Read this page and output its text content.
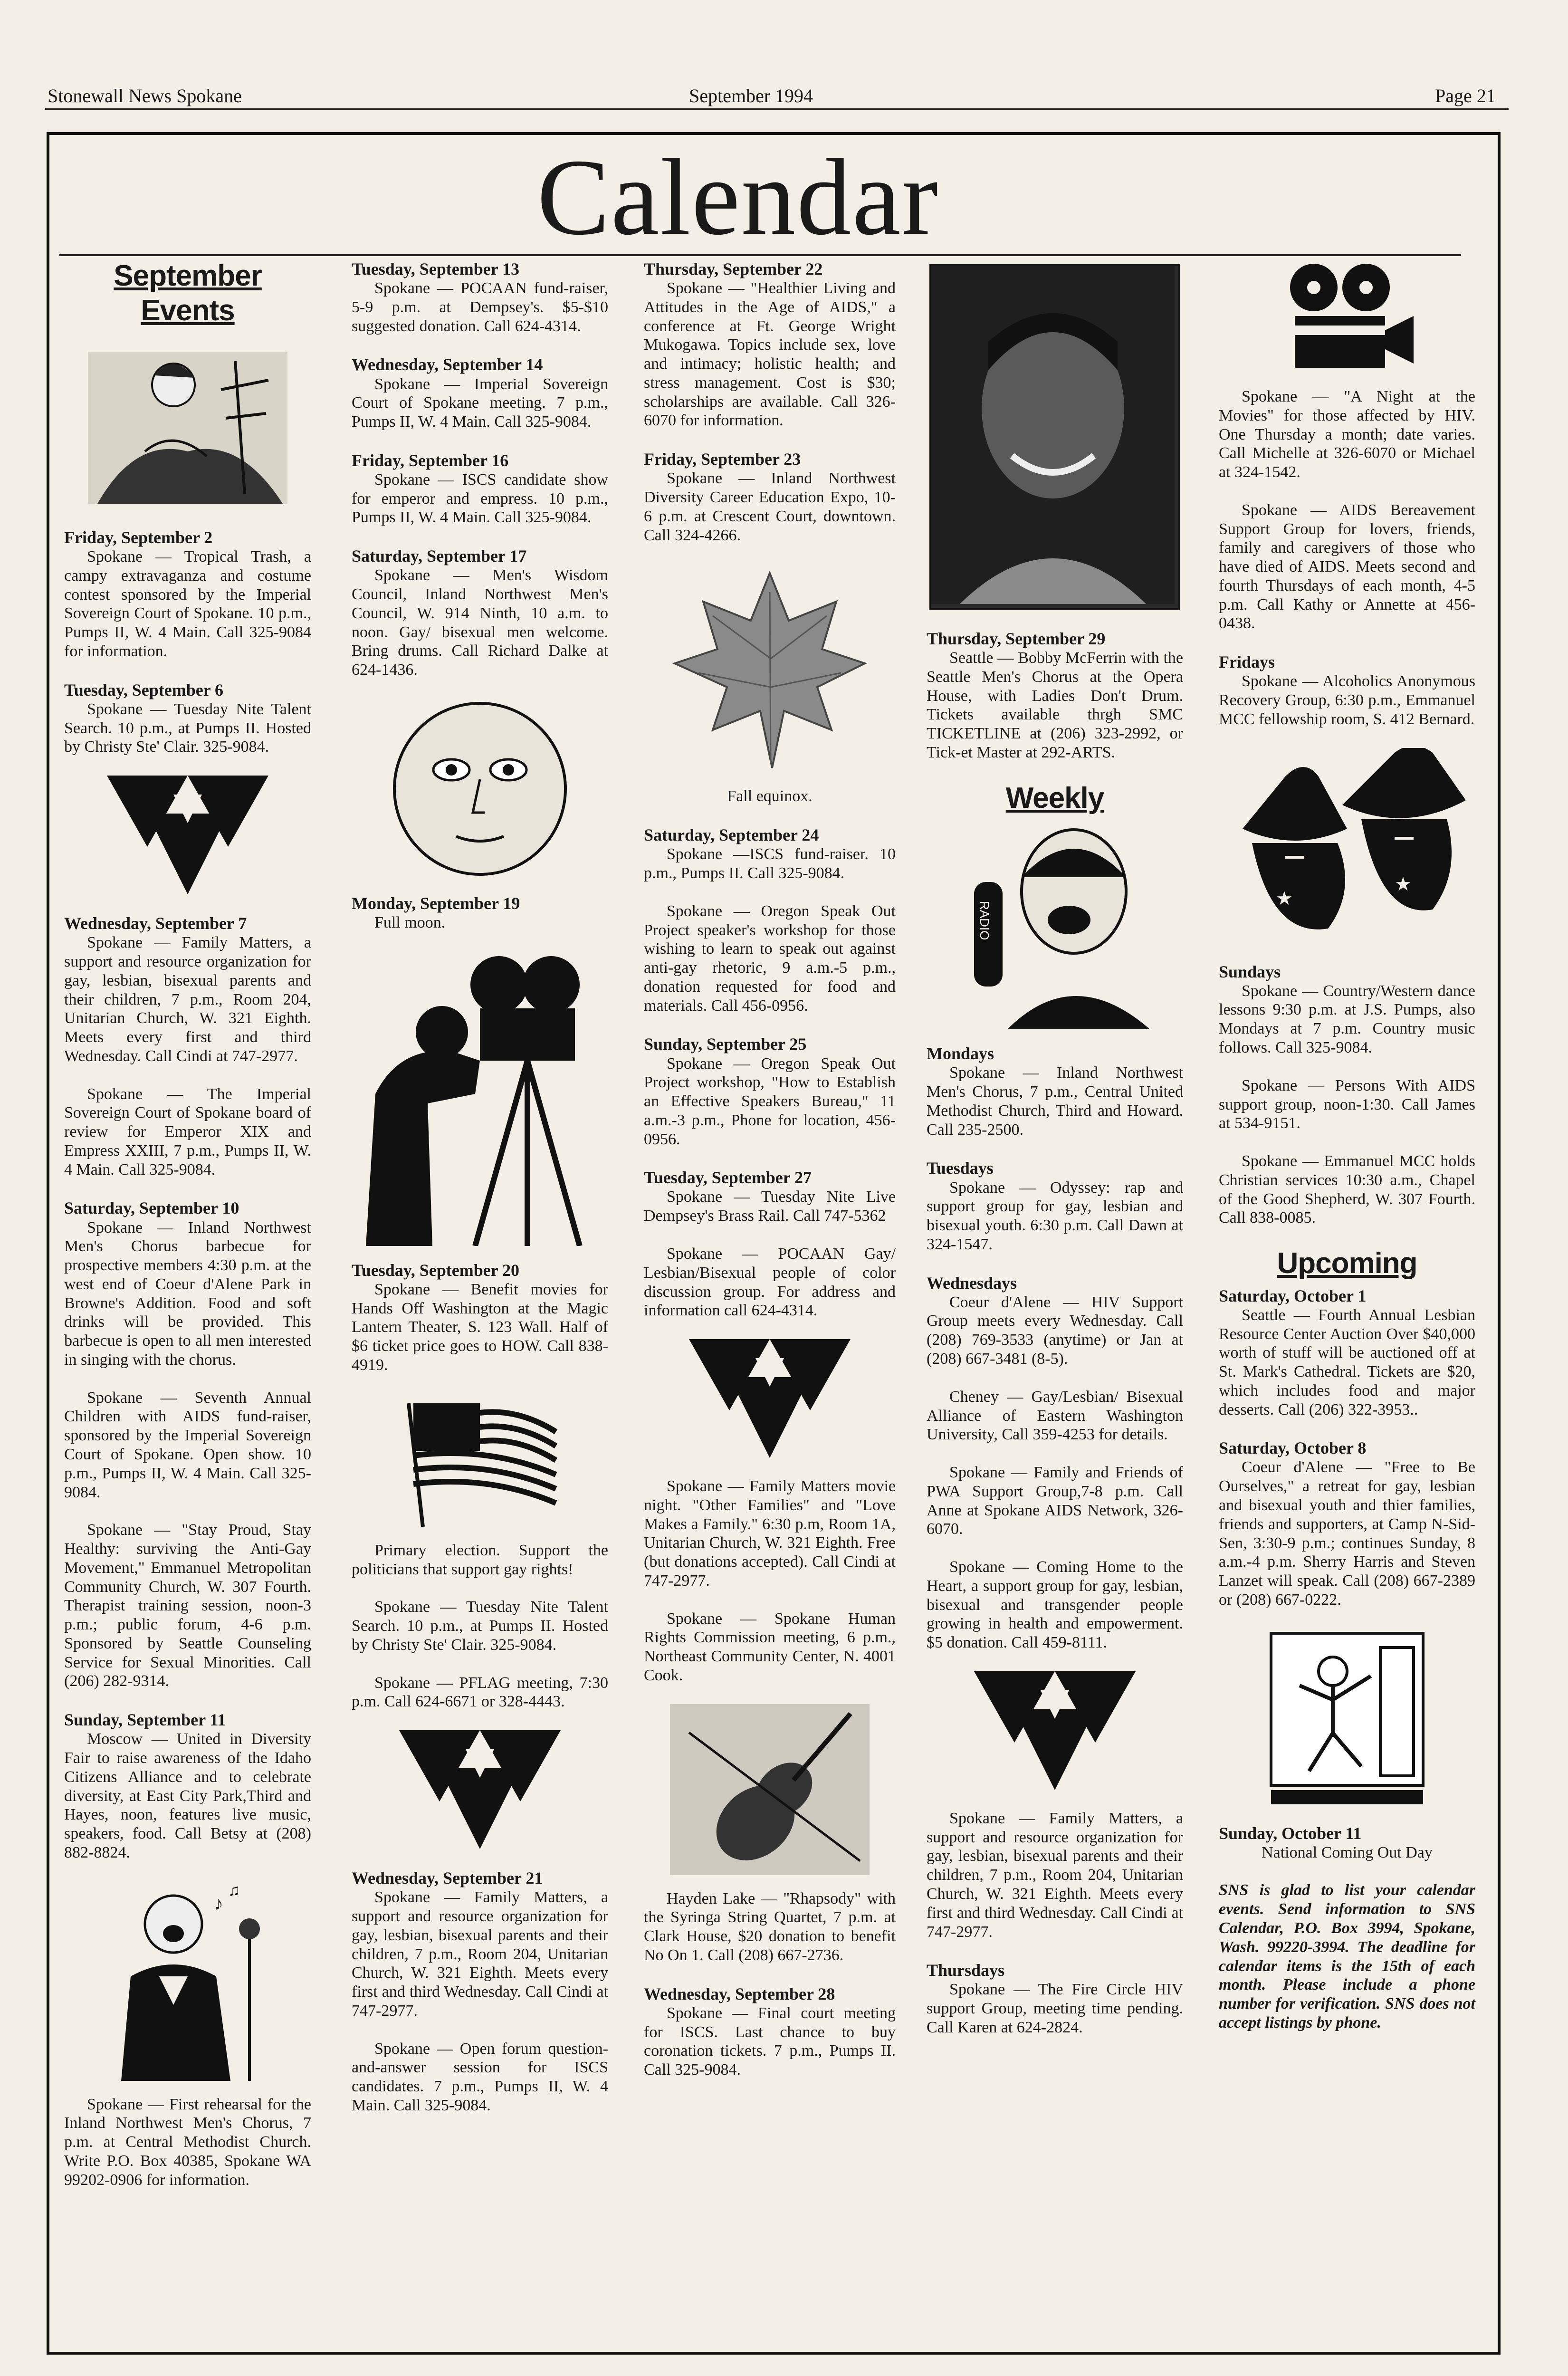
Stonewall News Spokane	September 1994	Page 21
Calendar
September Events
Friday, September 2
Spokane — Tropical Trash, a campy extravaganza and costume contest sponsored by the Imperial Sovereign Court of Spokane. 10 p.m., Pumps II, W. 4 Main. Call 325-9084 for information.
Tuesday, September 6
Spokane — Tuesday Nite Talent Search. 10 p.m., at Pumps II. Hosted by Christy Ste' Clair. 325-9084.
Wednesday, September 7
Spokane — Family Matters, a support and resource organization for gay, lesbian, bisexual parents and their children, 7 p.m., Room 204, Unitarian Church, W. 321 Eighth. Meets every first and third Wednesday. Call Cindi at 747-2977.
Spokane — The Imperial Sovereign Court of Spokane board of review for Emperor XIX and Empress XXIII, 7 p.m., Pumps II, W. 4 Main. Call 325-9084.
Saturday, September 10
Spokane — Inland Northwest Men's Chorus barbecue for prospective members 4:30 p.m. at the west end of Coeur d'Alene Park in Browne's Addition. Food and soft drinks will be provided. This barbecue is open to all men interested in singing with the chorus.
Spokane — Seventh Annual Children with AIDS fund-raiser, sponsored by the Imperial Sovereign Court of Spokane. Open show. 10 p.m., Pumps II, W. 4 Main. Call 325-9084.
Spokane — "Stay Proud, Stay Healthy: surviving the Anti-Gay Movement," Emmanuel Metropolitan Community Church, W. 307 Fourth. Therapist training session, noon-3 p.m.; public forum, 4-6 p.m. Sponsored by Seattle Counseling Service for Sexual Minorities. Call (206) 282-9314.
Sunday, September 11
Moscow — United in Diversity Fair to raise awareness of the Idaho Citizens Alliance and to celebrate diversity, at East City Park,Third and Hayes, noon, features live music, speakers, food. Call Betsy at (208) 882-8824.
♪
♫
Spokane — First rehearsal for the Inland Northwest Men's Chorus, 7 p.m. at Central Methodist Church. Write P.O. Box 40385, Spokane WA 99202-0906 for information.
Tuesday, September 13
Spokane — POCAAN fund-raiser, 5-9 p.m. at Dempsey's. $5-$10 suggested donation. Call 624-4314.
Wednesday, September 14
Spokane — Imperial Sovereign Court of Spokane meeting. 7 p.m., Pumps II, W. 4 Main. Call 325-9084.
Friday, September 16
Spokane — ISCS candidate show for emperor and empress. 10 p.m., Pumps II, W. 4 Main. Call 325-9084.
Saturday, September 17
Spokane — Men's Wisdom Council, Inland Northwest Men's Council, W. 914 Ninth, 10 a.m. to noon. Gay/ bisexual men welcome. Bring drums. Call Richard Dalke at 624-1436.
Monday, September 19
Full moon.
Tuesday, September 20
Spokane — Benefit movies for Hands Off Washington at the Magic Lantern Theater, S. 123 Wall. Half of $6 ticket price goes to HOW. Call 838-4919.
Primary election. Support the politicians that support gay rights!
Spokane — Tuesday Nite Talent Search. 10 p.m., at Pumps II. Hosted by Christy Ste' Clair. 325-9084.
Spokane — PFLAG meeting, 7:30 p.m. Call 624-6671 or 328-4443.
Wednesday, September 21
Spokane — Family Matters, a support and resource organization for gay, lesbian, bisexual parents and their children, 7 p.m., Room 204, Unitarian Church, W. 321 Eighth. Meets every first and third Wednesday. Call Cindi at 747-2977.
Spokane — Open forum question-and-answer session for ISCS candidates. 7 p.m., Pumps II, W. 4 Main. Call 325-9084.
Thursday, September 22
Spokane — "Healthier Living and Attitudes in the Age of AIDS," a conference at Ft. George Wright Mukogawa. Topics include sex, love and intimacy; holistic health; and stress management. Cost is $30; scholarships are available. Call 326-6070 for information.
Friday, September 23
Spokane — Inland Northwest Diversity Career Education Expo, 10-6 p.m. at Crescent Court, downtown. Call 324-4266.
Fall equinox.
Saturday, September 24
Spokane —ISCS fund-raiser. 10 p.m., Pumps II. Call 325-9084.
Spokane — Oregon Speak Out Project speaker's workshop for those wishing to learn to speak out against anti-gay rhetoric, 9 a.m.-5 p.m., donation requested for food and materials. Call 456-0956.
Sunday, September 25
Spokane — Oregon Speak Out Project workshop, "How to Establish an Effective Speakers Bureau," 11 a.m.-3 p.m., Phone for location, 456-0956.
Tuesday, September 27
Spokane — Tuesday Nite Live Dempsey's Brass Rail. Call 747-5362
Spokane — POCAAN Gay/ Lesbian/Bisexual people of color discussion group. For address and information call 624-4314.
Spokane — Family Matters movie night. "Other Families" and "Love Makes a Family." 6:30 p.m, Room 1A, Unitarian Church, W. 321 Eighth. Free (but donations accepted). Call Cindi at 747-2977.
Spokane — Spokane Human Rights Commission meeting, 6 p.m., Northeast Community Center, N. 4001 Cook.
Hayden Lake — "Rhapsody" with the Syringa String Quartet, 7 p.m. at Clark House, $20 donation to benefit No On 1. Call (208) 667-2736.
Wednesday, September 28
Spokane — Final court meeting for ISCS. Last chance to buy coronation tickets. 7 p.m., Pumps II. Call 325-9084.
Thursday, September 29
Seattle — Bobby McFerrin with the Seattle Men's Chorus at the Opera House, with Ladies Don't Drum. Tickets available thrgh SMC TICKETLINE at (206) 323-2992, or Tick-et Master at 292-ARTS.
Weekly
RADIO
Mondays
Spokane — Inland Northwest Men's Chorus, 7 p.m., Central United Methodist Church, Third and Howard. Call 235-2500.
Tuesdays
Spokane — Odyssey: rap and support group for gay, lesbian and bisexual youth. 6:30 p.m. Call Dawn at 324-1547.
Wednesdays
Coeur d'Alene — HIV Support Group meets every Wednesday. Call (208) 769-3533 (anytime) or Jan at (208) 667-3481 (8-5).
Cheney — Gay/Lesbian/ Bisexual Alliance of Eastern Washington University, Call 359-4253 for details.
Spokane — Family and Friends of PWA Support Group,7-8 p.m. Call Anne at Spokane AIDS Network, 326-6070.
Spokane — Coming Home to the Heart, a support group for gay, lesbian, bisexual and transgender people growing in health and empowerment. $5 donation. Call 459-8111.
Spokane — Family Matters, a support and resource organization for gay, lesbian, bisexual parents and their children, 7 p.m., Room 204, Unitarian Church, W. 321 Eighth. Meets every first and third Wednesday. Call Cindi at 747-2977.
Thursdays
Spokane — The Fire Circle HIV support Group, meeting time pending. Call Karen at 624-2824.
Spokane — "A Night at the Movies" for those affected by HIV. One Thursday a month; date varies. Call Michelle at 326-6070 or Michael at 324-1542.
Spokane — AIDS Bereavement Support Group for lovers, friends, family and caregivers of those who have died of AIDS. Meets second and fourth Thursdays of each month, 4-5 p.m. Call Kathy or Annette at 456-0438.
Fridays
Spokane — Alcoholics Anonymous Recovery Group, 6:30 p.m., Emmanuel MCC fellowship room, S. 412 Bernard.
★
★
Sundays
Spokane — Country/Western dance lessons 9:30 p.m. at J.S. Pumps, also Mondays at 7 p.m. Country music follows. Call 325-9084.
Spokane — Persons With AIDS support group, noon-1:30. Call James at 534-9151.
Spokane — Emmanuel MCC holds Christian services 10:30 a.m., Chapel of the Good Shepherd, W. 307 Fourth. Call 838-0085.
Upcoming
Saturday, October 1
Seattle — Fourth Annual Lesbian Resource Center Auction Over $40,000 worth of stuff will be auctioned off at St. Mark's Cathedral. Tickets are $20, which includes food and major desserts. Call (206) 322-3953..
Saturday, October 8
Coeur d'Alene — "Free to Be Ourselves," a retreat for gay, lesbian and bisexual youth and thier families, friends and supporters, at Camp N-Sid-Sen, 3:30-9 p.m.; continues Sunday, 8 a.m.-4 p.m. Sherry Harris and Steven Lanzet will speak. Call (208) 667-2389 or (208) 667-0222.
Sunday, October 11
National Coming Out Day
SNS is glad to list your calendar events. Send information to SNS Calendar, P.O. Box 3994, Spokane, Wash. 99220-3994. The deadline for calendar items is the 15th of each month. Please include a phone number for verification. SNS does not accept listings by phone.
